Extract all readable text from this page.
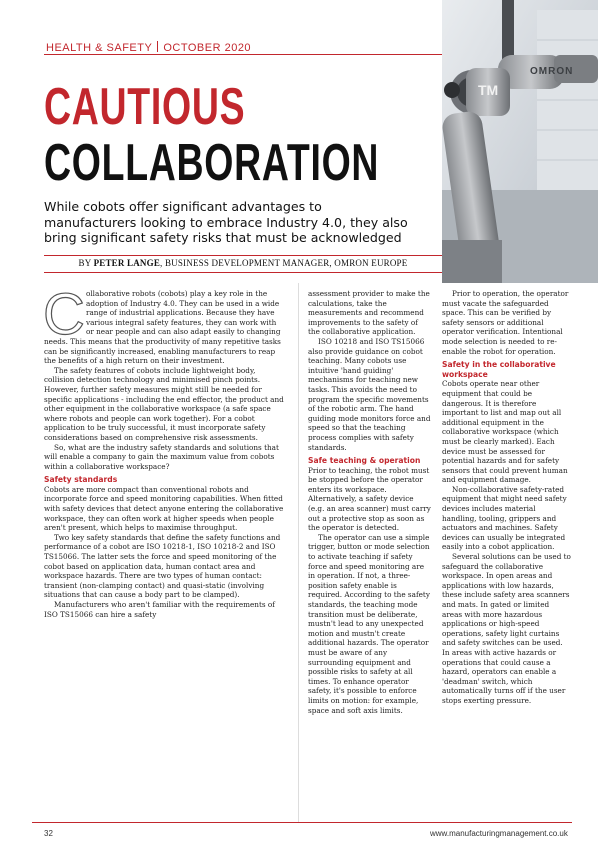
HEALTH & SAFETY OCTOBER 2020
CAUTIOUS
COLLABORATION
While cobots offer significant advantages to manufacturers looking to embrace Industry 4.0, they also bring significant safety risks that must be acknowledged
BY PETER LANGE, BUSINESS DEVELOPMENT MANAGER, OMRON EUROPE
OMRON
TM
C ollaborative robots (cobots) play a key role in the adoption of Industry 4.0. They can be used in a wide range of industrial applications. Because they have various integral safety features, they can work with or near people and can also adapt easily to changing needs. This means that the productivity of many repetitive tasks can be significantly increased, enabling manufacturers to reap the benefits of a high return on their investment.

The safety features of cobots include lightweight body, collision detection technology and minimised pinch points. However, further safety measures might still be needed for specific applications - including the end effector, the product and other equipment in the collaborative workspace (a safe space where robots and people can work together). For a cobot application to be truly successful, it must incorporate safety considerations based on comprehensive risk assessments.

So, what are the industry safety standards and solutions that will enable a company to gain the maximum value from cobots within a collaborative workspace?

Safety standards

Cobots are more compact than conventional robots and incorporate force and speed monitoring capabilities. When fitted with safety devices that detect anyone entering the collaborative workspace, they can often work at higher speeds when people aren't present, which helps to maximise throughput.

Two key safety standards that define the safety functions and performance of a cobot are ISO 10218-1, ISO 10218-2 and ISO TS15066. The latter sets the force and speed monitoring of the cobot based on application data, human contact area and workspace hazards. There are two types of human contact: transient (non-clamping contact) and quasi-static (involving situations that can cause a body part to be clamped).

Manufacturers who aren't familiar with the requirements of ISO TS15066 can hire a safety

assessment provider to make the calculations, take the measurements and recommend improvements to the safety of the collaborative application.

ISO 10218 and ISO TS15066 also provide guidance on cobot teaching. Many cobots use intuitive 'hand guiding' mechanisms for teaching new tasks. This avoids the need to program the specific movements of the robotic arm. The hand guiding mode monitors force and speed so that the teaching process complies with safety standards.

Safe teaching & operation

Prior to teaching, the robot must be stopped before the operator enters its workspace. Alternatively, a safety device (e.g. an area scanner) must carry out a protective stop as soon as the operator is detected.

The operator can use a simple trigger, button or mode selection to activate teaching if safety force and speed monitoring are in operation. If not, a three-position safety enable is required. According to the safety standards, the teaching mode transition must be deliberate, mustn't lead to any unexpected motion and mustn't create additional hazards. The operator must be aware of any surrounding equipment and possible risks to safety at all times. To enhance operator safety, it's possible to enforce limits on motion: for example, space and soft axis limits.

Prior to operation, the operator must vacate the safeguarded space. This can be verified by safety sensors or additional operator verification. Intentional mode selection is needed to re-enable the robot for operation.

Safety in the collaborative workspace

Cobots operate near other equipment that could be dangerous. It is therefore important to list and map out all additional equipment in the collaborative workspace (which must be clearly marked). Each device must be assessed for potential hazards and for safety sensors that could prevent human and equipment damage.

Non-collaborative safety-rated equipment that might need safety devices includes material handling, tooling, grippers and actuators and machines. Safety devices can usually be integrated easily into a cobot application.

Several solutions can be used to safeguard the collaborative workspace. In open areas and applications with low hazards, these include safety area scanners and mats. In gated or limited areas with more hazardous applications or high-speed operations, safety light curtains and safety switches can be used. In areas with active hazards or operations that could cause a hazard, operators can enable a 'deadman' switch, which automatically turns off if the user stops exerting pressure.

32	www.manufacturingmanagement.co.uk
